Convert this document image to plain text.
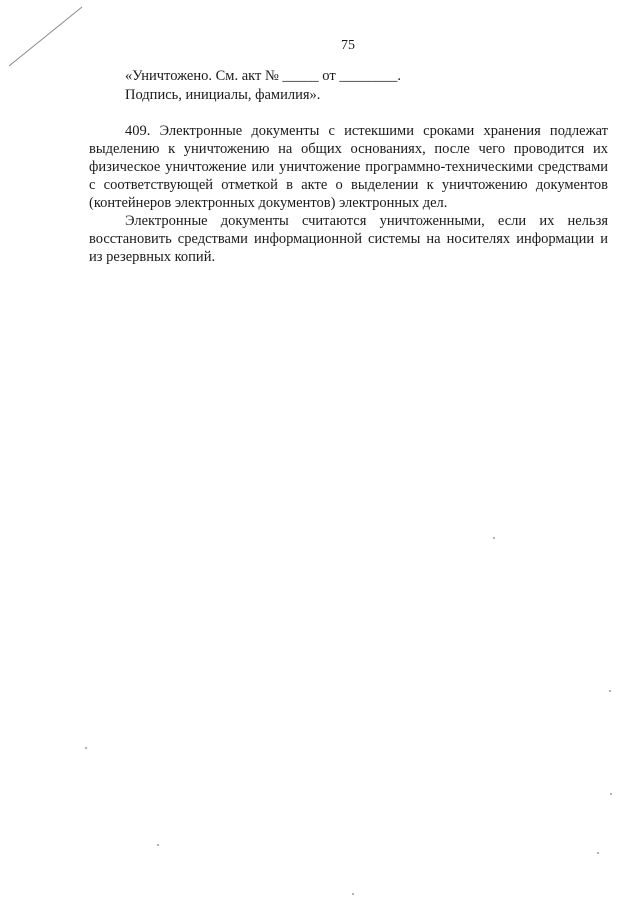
75
«Уничтожено. См. акт № _____ от ________.
Подпись, инициалы, фамилия».

409. Электронные документы с истекшими сроками хранения подлежат выделению к уничтожению на общих основаниях, после чего проводится их физическое уничтожение или уничтожение программно-техническими средствами с соответствующей отметкой в акте о выделении к уничтожению документов (контейнеров электронных документов) электронных дел.

Электронные документы считаются уничтоженными, если их нельзя восстановить средствами информационной системы на носителях информации и из резервных копий.
